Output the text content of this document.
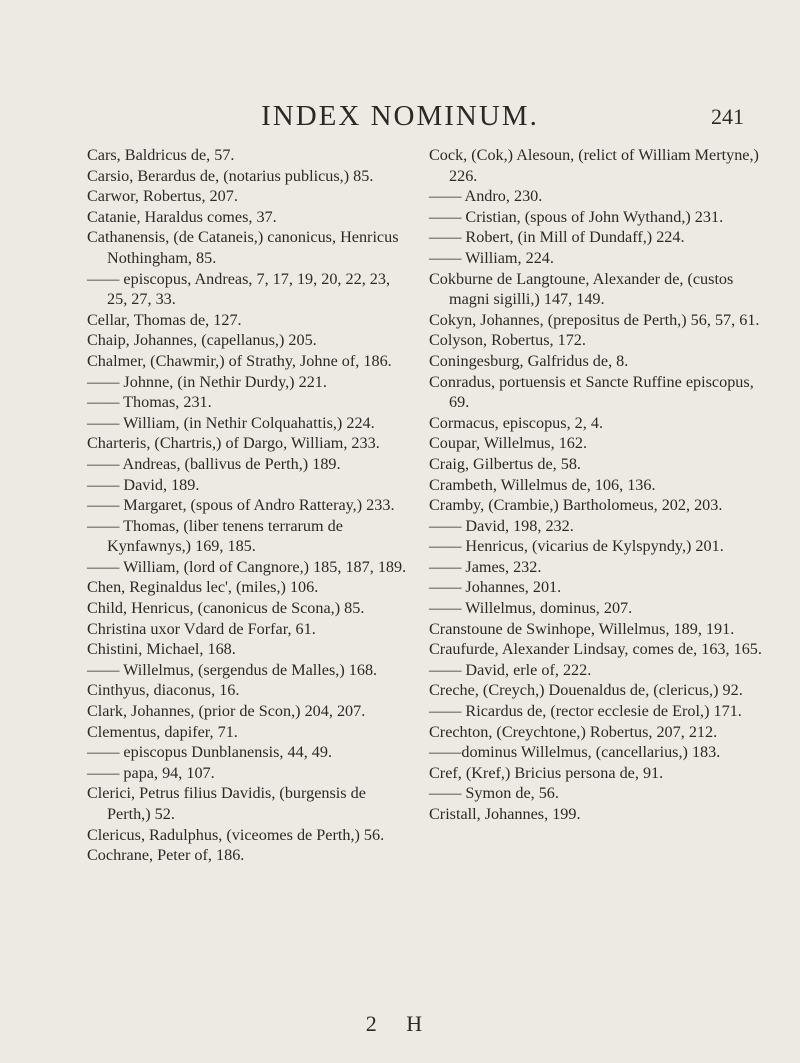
INDEX NOMINUM.	241
Cars, Baldricus de, 57.
Carsio, Berardus de, (notarius publicus,) 85.
Carwor, Robertus, 207.
Catanie, Haraldus comes, 37.
Cathanensis, (de Cataneis,) canonicus, Henricus Nothingham, 85.
—— episcopus, Andreas, 7, 17, 19, 20, 22, 23, 25, 27, 33.
Cellar, Thomas de, 127.
Chaip, Johannes, (capellanus,) 205.
Chalmer, (Chawmir,) of Strathy, Johne of, 186.
—— Johnne, (in Nethir Durdy,) 221.
—— Thomas, 231.
—— William, (in Nethir Colquahattis,) 224.
Charteris, (Chartris,) of Dargo, William, 233.
—— Andreas, (ballivus de Perth,) 189.
—— David, 189.
—— Margaret, (spous of Andro Ratteray,) 233.
—— Thomas, (liber tenens terrarum de Kynfawnys,) 169, 185.
—— William, (lord of Cangnore,) 185, 187, 189.
Chen, Reginaldus lec', (miles,) 106.
Child, Henricus, (canonicus de Scona,) 85.
Christina uxor Vdard de Forfar, 61.
Chistini, Michael, 168.
—— Willelmus, (sergendus de Malles,) 168.
Cinthyus, diaconus, 16.
Clark, Johannes, (prior de Scon,) 204, 207.
Clementus, dapifer, 71.
—— episcopus Dunblanensis, 44, 49.
—— papa, 94, 107.
Clerici, Petrus filius Davidis, (burgensis de Perth,) 52.
Clericus, Radulphus, (viceomes de Perth,) 56.
Cochrane, Peter of, 186.
Cock, (Cok,) Alesoun, (relict of William Mertyne,) 226.
—— Andro, 230.
—— Cristian, (spous of John Wythand,) 231.
—— Robert, (in Mill of Dundaff,) 224.
—— William, 224.
Cokburne de Langtoune, Alexander de, (custos magni sigilli,) 147, 149.
Cokyn, Johannes, (prepositus de Perth,) 56, 57, 61.
Colyson, Robertus, 172.
Coningesburg, Galfridus de, 8.
Conradus, portuensis et Sancte Ruffine episcopus, 69.
Cormacus, episcopus, 2, 4.
Coupar, Willelmus, 162.
Craig, Gilbertus de, 58.
Crambeth, Willelmus de, 106, 136.
Cramby, (Crambie,) Bartholomeus, 202, 203.
—— David, 198, 232.
—— Henricus, (vicarius de Kylspyndy,) 201.
—— James, 232.
—— Johannes, 201.
—— Willelmus, dominus, 207.
Cranstoune de Swinhope, Willelmus, 189, 191.
Craufurde, Alexander Lindsay, comes de, 163, 165.
—— David, erle of, 222.
Creche, (Creych,) Douenaldus de, (clericus,) 92.
—— Ricardus de, (rector ecclesie de Erol,) 171.
Crechton, (Creychtone,) Robertus, 207, 212.
——dominus Willelmus, (cancellarius,) 183.
Cref, (Kref,) Bricius persona de, 91.
—— Symon de, 56.
Cristall, Johannes, 199.
2 H
